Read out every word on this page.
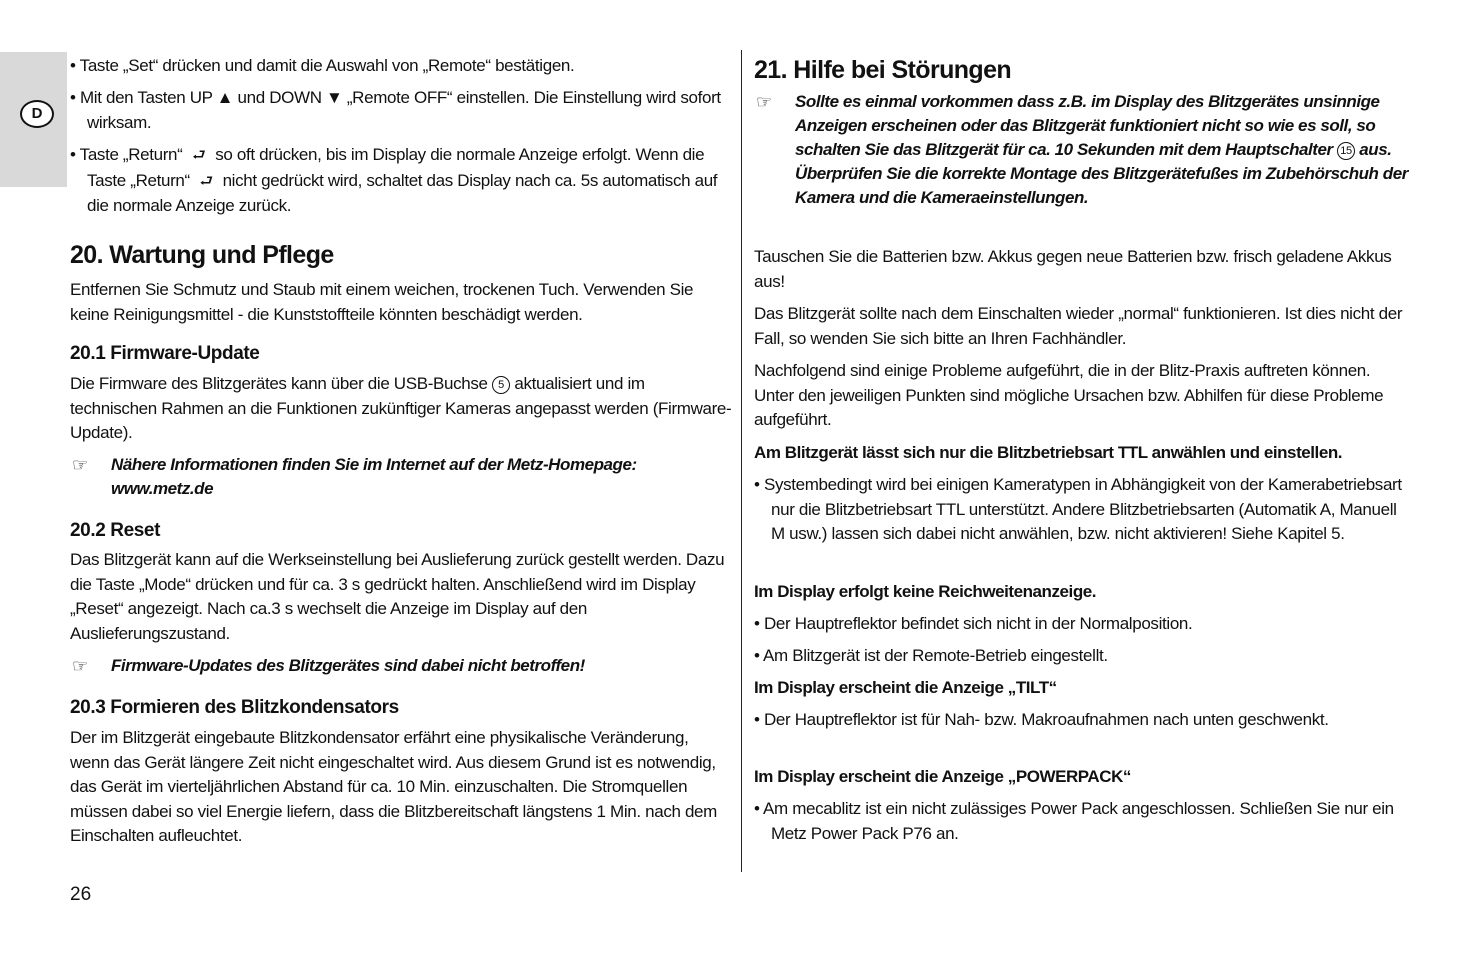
D
• Taste „Set“ drücken und damit die Auswahl von „Remote“ bestätigen.
• Mit den Tasten UP ▲ und DOWN ▼ „Remote OFF“ einstellen. Die Einstellung wird sofort wirksam.
• Taste „Return“ ⮐ so oft drücken, bis im Display die normale Anzeige erfolgt. Wenn die Taste „Return“ ⮐ nicht gedrückt wird, schaltet das Display nach ca. 5s automatisch auf die normale Anzeige zurück.
20. Wartung und Pflege
Entfernen Sie Schmutz und Staub mit einem weichen, trockenen Tuch. Verwenden Sie keine Reinigungsmittel - die Kunststoffteile könnten beschädigt werden.
20.1 Firmware-Update
Die Firmware des Blitzgerätes kann über die USB-Buchse 5 aktualisiert und im technischen Rahmen an die Funktionen zukünftiger Kameras angepasst werden (Firmware-Update).
☞ Nähere Informationen finden Sie im Internet auf der Metz-Homepage: www.metz.de
20.2 Reset
Das Blitzgerät kann auf die Werkseinstellung bei Auslieferung zurück gestellt werden. Dazu die Taste „Mode“ drücken und für ca. 3 s gedrückt halten. Anschließend wird im Display „Reset“ angezeigt. Nach ca.3 s wechselt die Anzeige im Display auf den Auslieferungszustand.
☞ Firmware-Updates des Blitzgerätes sind dabei nicht betroffen!
20.3 Formieren des Blitzkondensators
Der im Blitzgerät eingebaute Blitzkondensator erfährt eine physikalische Veränderung, wenn das Gerät längere Zeit nicht eingeschaltet wird. Aus diesem Grund ist es notwendig, das Gerät im vierteljährlichen Abstand für ca. 10 Min. einzuschalten. Die Stromquellen müssen dabei so viel Energie liefern, dass die Blitzbereitschaft längstens 1 Min. nach dem Einschalten aufleuchtet.
21. Hilfe bei Störungen
☞ Sollte es einmal vorkommen dass z.B. im Display des Blitzgerätes unsinnige Anzeigen erscheinen oder das Blitzgerät funktioniert nicht so wie es soll, so schalten Sie das Blitzgerät für ca. 10 Sekunden mit dem Hauptschalter 15 aus. Überprüfen Sie die korrekte Montage des Blitzgerätefußes im Zubehörschuh der Kamera und die Kameraeinstellungen.
Tauschen Sie die Batterien bzw. Akkus gegen neue Batterien bzw. frisch geladene Akkus aus!
Das Blitzgerät sollte nach dem Einschalten wieder „normal“ funktionieren. Ist dies nicht der Fall, so wenden Sie sich bitte an Ihren Fachhändler.
Nachfolgend sind einige Probleme aufgeführt, die in der Blitz-Praxis auftreten können. Unter den jeweiligen Punkten sind mögliche Ursachen bzw. Abhilfen für diese Probleme aufgeführt.
Am Blitzgerät lässt sich nur die Blitzbetriebsart TTL anwählen und einstellen.
• Systembedingt wird bei einigen Kameratypen in Abhängigkeit von der Kamerabetriebsart nur die Blitzbetriebsart TTL unterstützt. Andere Blitzbetriebsarten (Automatik A, Manuell M usw.) lassen sich dabei nicht anwählen, bzw. nicht aktivieren! Siehe Kapitel 5.
Im Display erfolgt keine Reichweitenanzeige.
• Der Hauptreflektor befindet sich nicht in der Normalposition.
• Am Blitzgerät ist der Remote-Betrieb eingestellt.
Im Display erscheint die Anzeige „TILT“
• Der Hauptreflektor ist für Nah- bzw. Makroaufnahmen nach unten geschwenkt.
Im Display erscheint die Anzeige „POWERPACK“
• Am mecablitz ist ein nicht zulässiges Power Pack angeschlossen. Schließen Sie nur ein Metz Power Pack P76 an.
26
